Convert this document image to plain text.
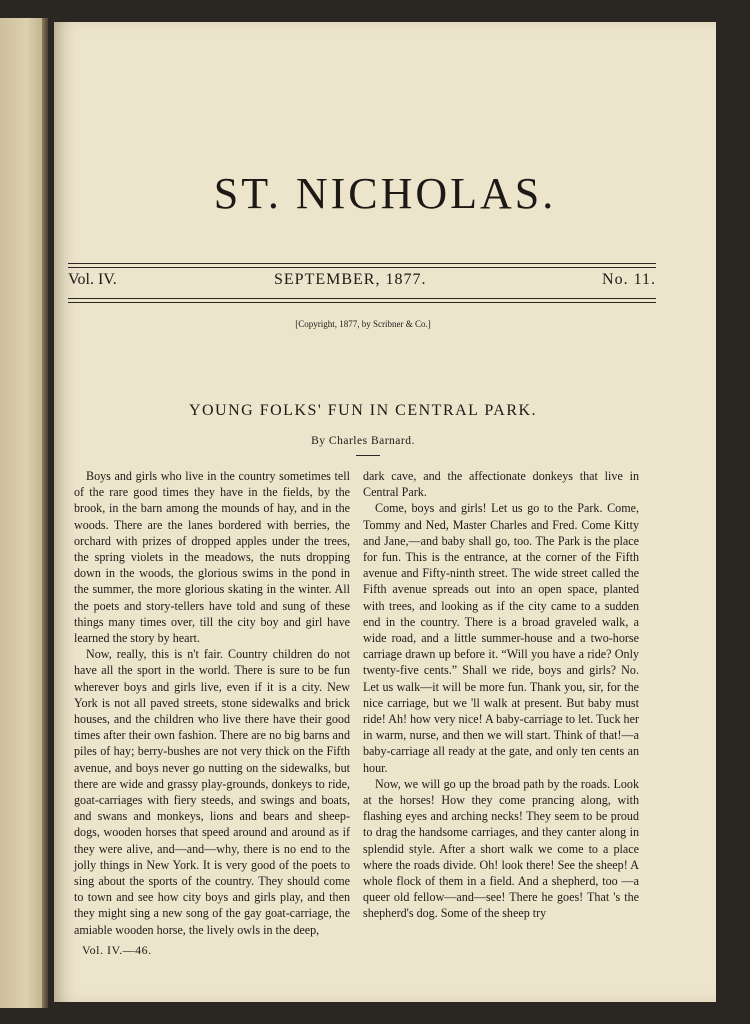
ST. NICHOLAS.
Vol. IV.	SEPTEMBER, 1877.	No. 11.
[Copyright, 1877, by Scribner & Co.]
YOUNG FOLKS' FUN IN CENTRAL PARK.
By Charles Barnard.

Boys and girls who live in the country sometimes tell of the rare good times they have in the fields, by the brook, in the barn among the mounds of hay, and in the woods. There are the lanes bordered with berries, the orchard with prizes of dropped apples under the trees, the spring violets in the meadows, the nuts dropping down in the woods, the glorious swims in the pond in the summer, the more glorious skating in the winter. All the poets and story-tellers have told and sung of these things many times over, till the city boy and girl have learned the story by heart.

Now, really, this is n't fair. Country children do not have all the sport in the world. There is sure to be fun wherever boys and girls live, even if it is a city. New York is not all paved streets, stone sidewalks and brick houses, and the children who live there have their good times after their own fashion. There are no big barns and piles of hay; berry-bushes are not very thick on the Fifth avenue, and boys never go nutting on the sidewalks, but there are wide and grassy play-grounds, donkeys to ride, goat-carriages with fiery steeds, and swings and boats, and swans and monkeys, lions and bears and sheep-dogs, wooden horses that speed around and around as if they were alive, and—and—why, there is no end to the jolly things in New York. It is very good of the poets to sing about the sports of the country. They should come to town and see how city boys and girls play, and then they might sing a new song of the gay goat-carriage, the amiable wooden horse, the lively owls in the deep,

dark cave, and the affectionate donkeys that live in Central Park.

Come, boys and girls! Let us go to the Park. Come, Tommy and Ned, Master Charles and Fred. Come Kitty and Jane,—and baby shall go, too. The Park is the place for fun. This is the entrance, at the corner of the Fifth avenue and Fifty-ninth street. The wide street called the Fifth avenue spreads out into an open space, planted with trees, and looking as if the city came to a sudden end in the country. There is a broad graveled walk, a wide road, and a little summer-house and a two-horse carriage drawn up before it. “Will you have a ride? Only twenty-five cents.” Shall we ride, boys and girls? No. Let us walk—it will be more fun. Thank you, sir, for the nice carriage, but we 'll walk at present. But baby must ride! Ah! how very nice! A baby-carriage to let. Tuck her in warm, nurse, and then we will start. Think of that!—a baby-carriage all ready at the gate, and only ten cents an hour.

Now, we will go up the broad path by the roads. Look at the horses! How they come prancing along, with flashing eyes and arching necks! They seem to be proud to drag the handsome carriages, and they canter along in splendid style. After a short walk we come to a place where the roads divide. Oh! look there! See the sheep! A whole flock of them in a field. And a shepherd, too —a queer old fellow—and—see! There he goes! That 's the shepherd's dog. Some of the sheep try

Vol. IV.—46.
